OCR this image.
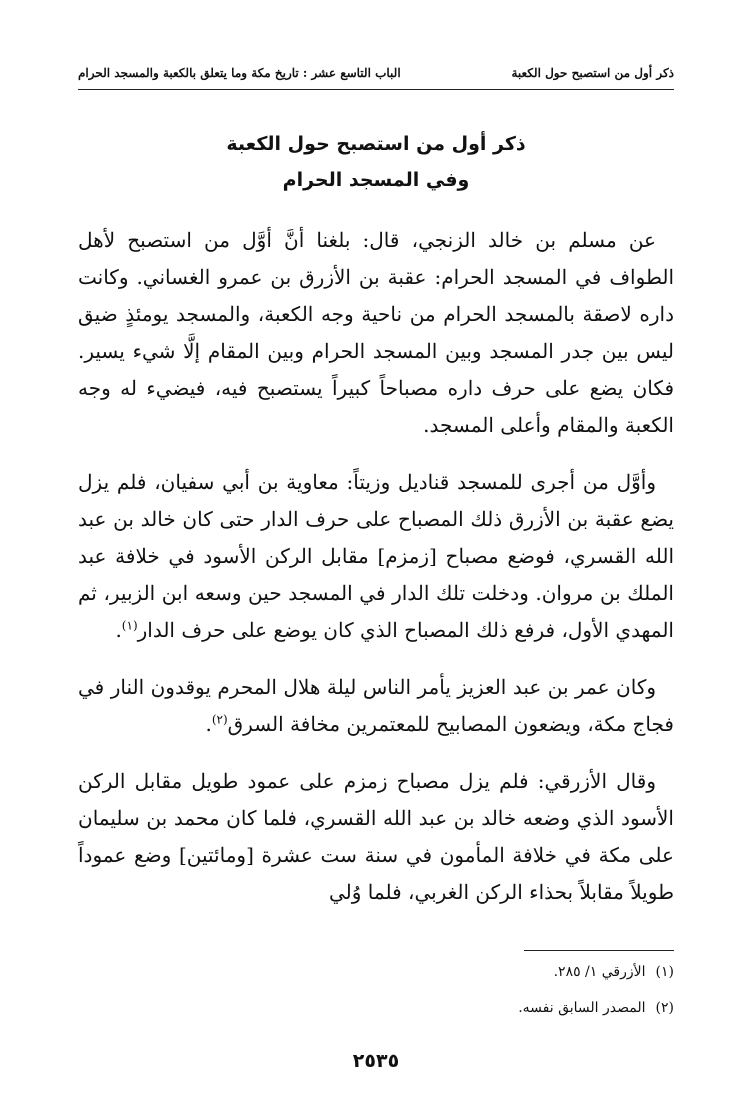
ذكر أول من استصبح حول الكعبة
الباب التاسع عشر : تاريخ مكة وما يتعلق بالكعبة والمسجد الحرام
ذكر أول من استصبح حول الكعبة
وفي المسجد الحرام

عن مسلم بن خالد الزنجي، قال: بلغنا أنَّ أوَّل من استصبح لأهل الطواف في المسجد الحرام: عقبة بن الأزرق بن عمرو الغساني. وكانت داره لاصقة بالمسجد الحرام من ناحية وجه الكعبة، والمسجد يومئذٍ ضيق ليس بين جدر المسجد وبين المسجد الحرام وبين المقام إلَّا شيء يسير. فكان يضع على حرف داره مصباحاً كبيراً يستصبح فيه، فيضيء له وجه الكعبة والمقام وأعلى المسجد.

وأوَّل من أجرى للمسجد قناديل وزيتاً: معاوية بن أبي سفيان، فلم يزل يضع عقبة بن الأزرق ذلك المصباح على حرف الدار حتى كان خالد بن عبد الله القسري، فوضع مصباح [زمزم] مقابل الركن الأسود في خلافة عبد الملك بن مروان. ودخلت تلك الدار في المسجد حين وسعه ابن الزبير، ثم المهدي الأول، فرفع ذلك المصباح الذي كان يوضع على حرف الدار$^{(١)}$.

وكان عمر بن عبد العزيز يأمر الناس ليلة هلال المحرم يوقدون النار في فجاج مكة، ويضعون المصابيح للمعتمرين مخافة السرق$^{(٢)}$.

وقال الأزرقي: فلم يزل مصباح زمزم على عمود طويل مقابل الركن الأسود الذي وضعه خالد بن عبد الله القسري، فلما كان محمد بن سليمان على مكة في خلافة المأمون في سنة ست عشرة [ومائتين] وضع عموداً طويلاً مقابلاً بحذاء الركن الغربي، فلما وُلي

(١)الأزرقي ١/ ٢٨٥.
(٢)المصدر السابق نفسه.
٢٥٣٥
